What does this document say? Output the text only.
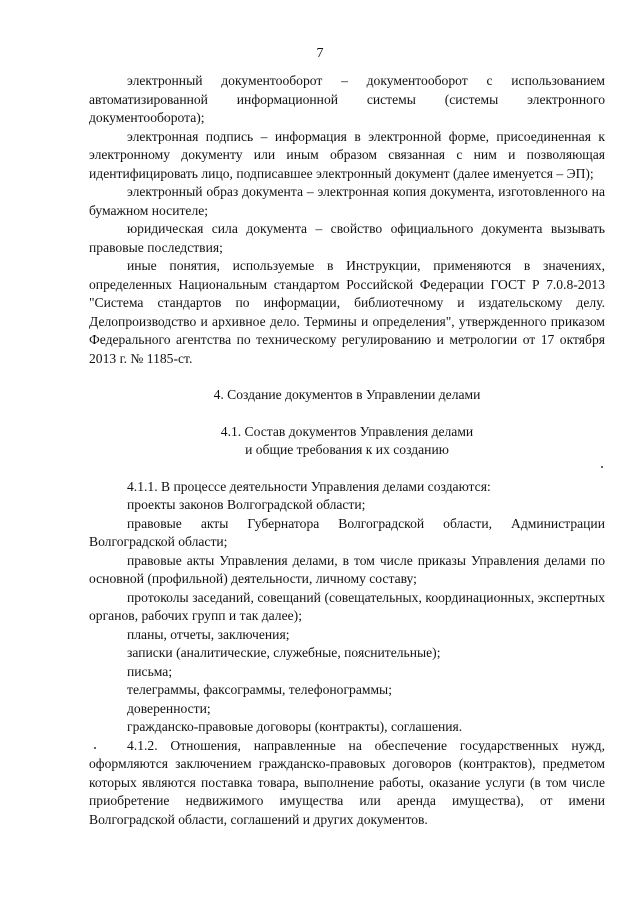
7

электронный документооборот – документооборот с использованием автоматизированной информационной системы (системы электронного документооборота);

электронная подпись – информация в электронной форме, присоединенная к электронному документу или иным образом связанная с ним и позволяющая идентифицировать лицо, подписавшее электронный документ (далее именуется – ЭП);

электронный образ документа – электронная копия документа, изготовленного на бумажном носителе;

юридическая сила документа – свойство официального документа вызывать правовые последствия;

иные понятия, используемые в Инструкции, применяются в значениях, определенных Национальным стандартом Российской Федерации ГОСТ Р 7.0.8-2013 "Система стандартов по информации, библиотечному и издательскому делу. Делопроизводство и архивное дело. Термины и определения", утвержденного приказом Федерального агентства по техническому регулированию и метрологии от 17 октября 2013 г. № 1185-ст.

4. Создание документов в Управлении делами

4.1. Состав документов Управления делами

и общие требования к их созданию

4.1.1. В процессе деятельности Управления делами создаются:

проекты законов Волгоградской области;

правовые акты Губернатора Волгоградской области, Администрации Волгоградской области;

правовые акты Управления делами, в том числе приказы Управления делами по основной (профильной) деятельности, личному составу;

протоколы заседаний, совещаний (совещательных, координационных, экспертных органов, рабочих групп и так далее);

планы, отчеты, заключения;

записки (аналитические, служебные, пояснительные);

письма;

телеграммы, факсограммы, телефонограммы;

доверенности;

гражданско-правовые договоры (контракты), соглашения.

4.1.2. Отношения, направленные на обеспечение государственных нужд, оформляются заключением гражданско-правовых договоров (контрактов), предметом которых являются поставка товара, выполнение работы, оказание услуги (в том числе приобретение недвижимого имущества или аренда имущества), от имени Волгоградской области, соглашений и других документов.
